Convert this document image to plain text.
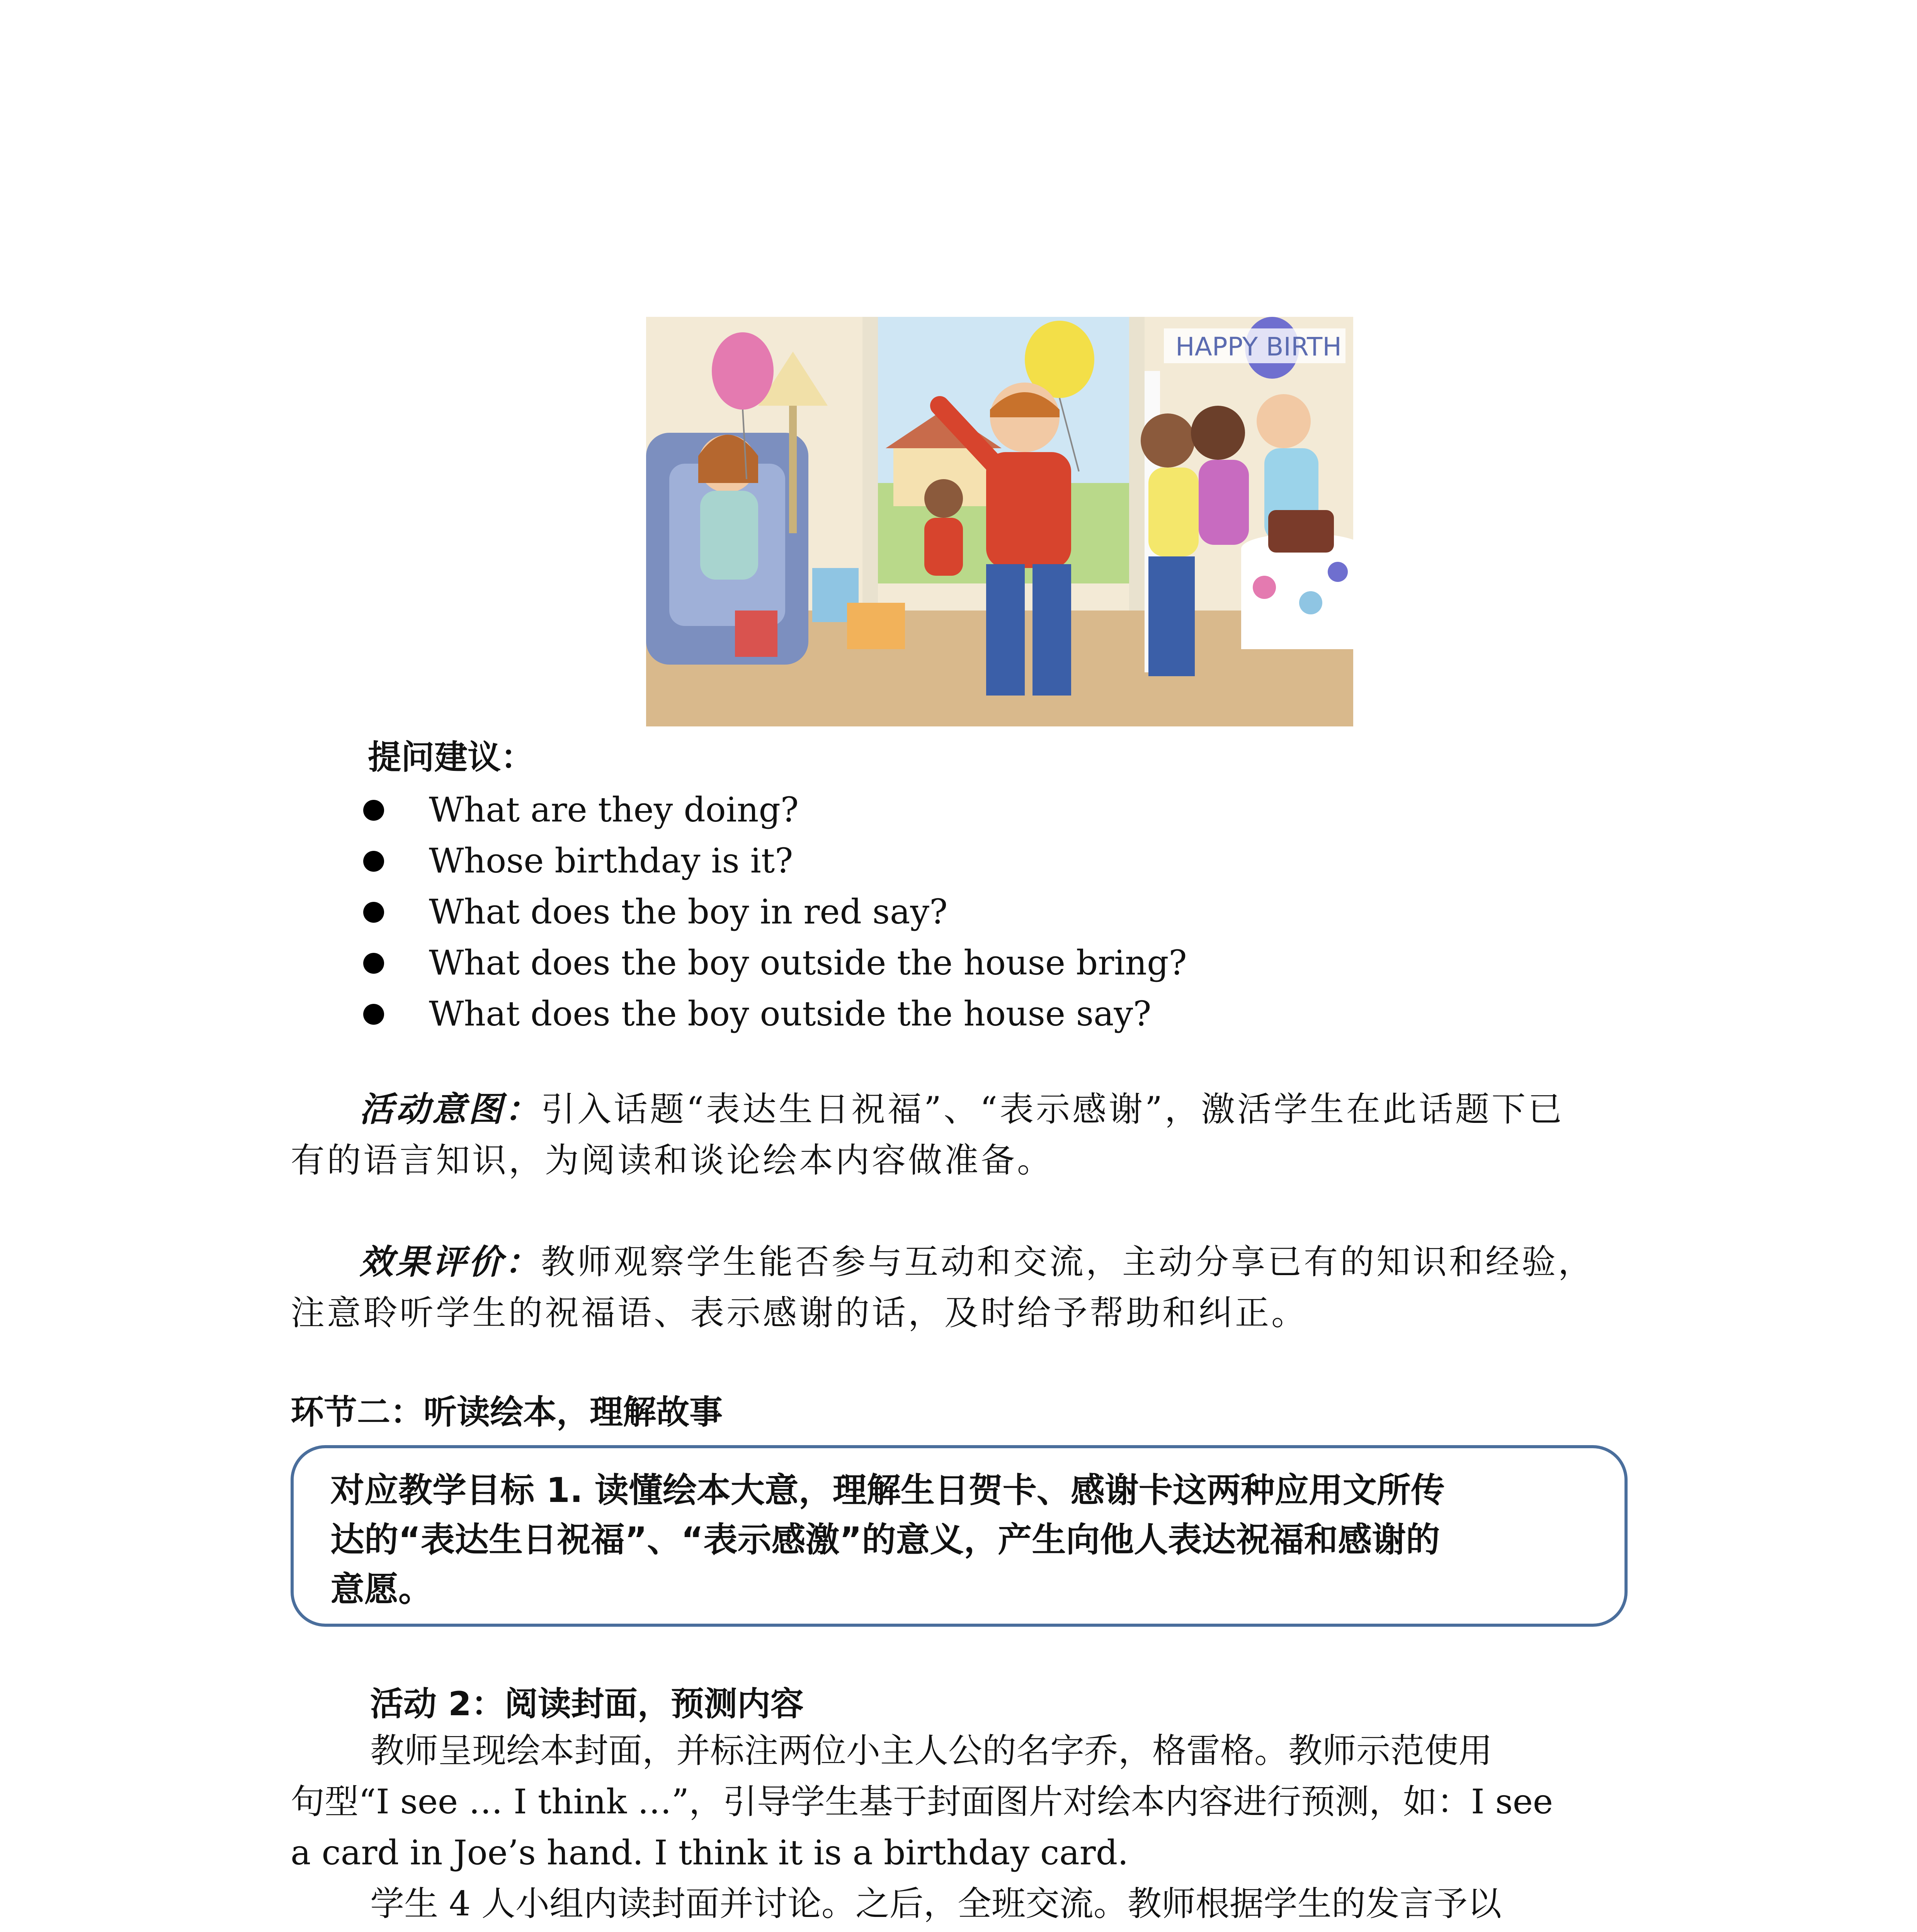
HAPPY BIRTH
提问建议：
What are they doing?
Whose birthday is it?
What does the boy in red say?
What does the boy outside the house bring?
What does the boy outside the house say?
活动意图：引入话题“表达生日祝福”、“表示感谢”，激活学生在此话题下已
有的语言知识，为阅读和谈论绘本内容做准备。
效果评价：教师观察学生能否参与互动和交流，主动分享已有的知识和经验，
注意聆听学生的祝福语、表示感谢的话，及时给予帮助和纠正。
环节二：听读绘本，理解故事
对应教学目标 1. 读懂绘本大意，理解生日贺卡、感谢卡这两种应用文所传
达的“表达生日祝福”、“表示感激”的意义，产生向他人表达祝福和感谢的
意愿。
活动 2：阅读封面，预测内容
教师呈现绘本封面，并标注两位小主人公的名字乔，格雷格。教师示范使用
句型“I see … I think …”，引导学生基于封面图片对绘本内容进行预测，如：I see
a card in Joe’s hand. I think it is a birthday card.
学生 4 人小组内读封面并讨论。之后，全班交流。教师根据学生的发言予以
